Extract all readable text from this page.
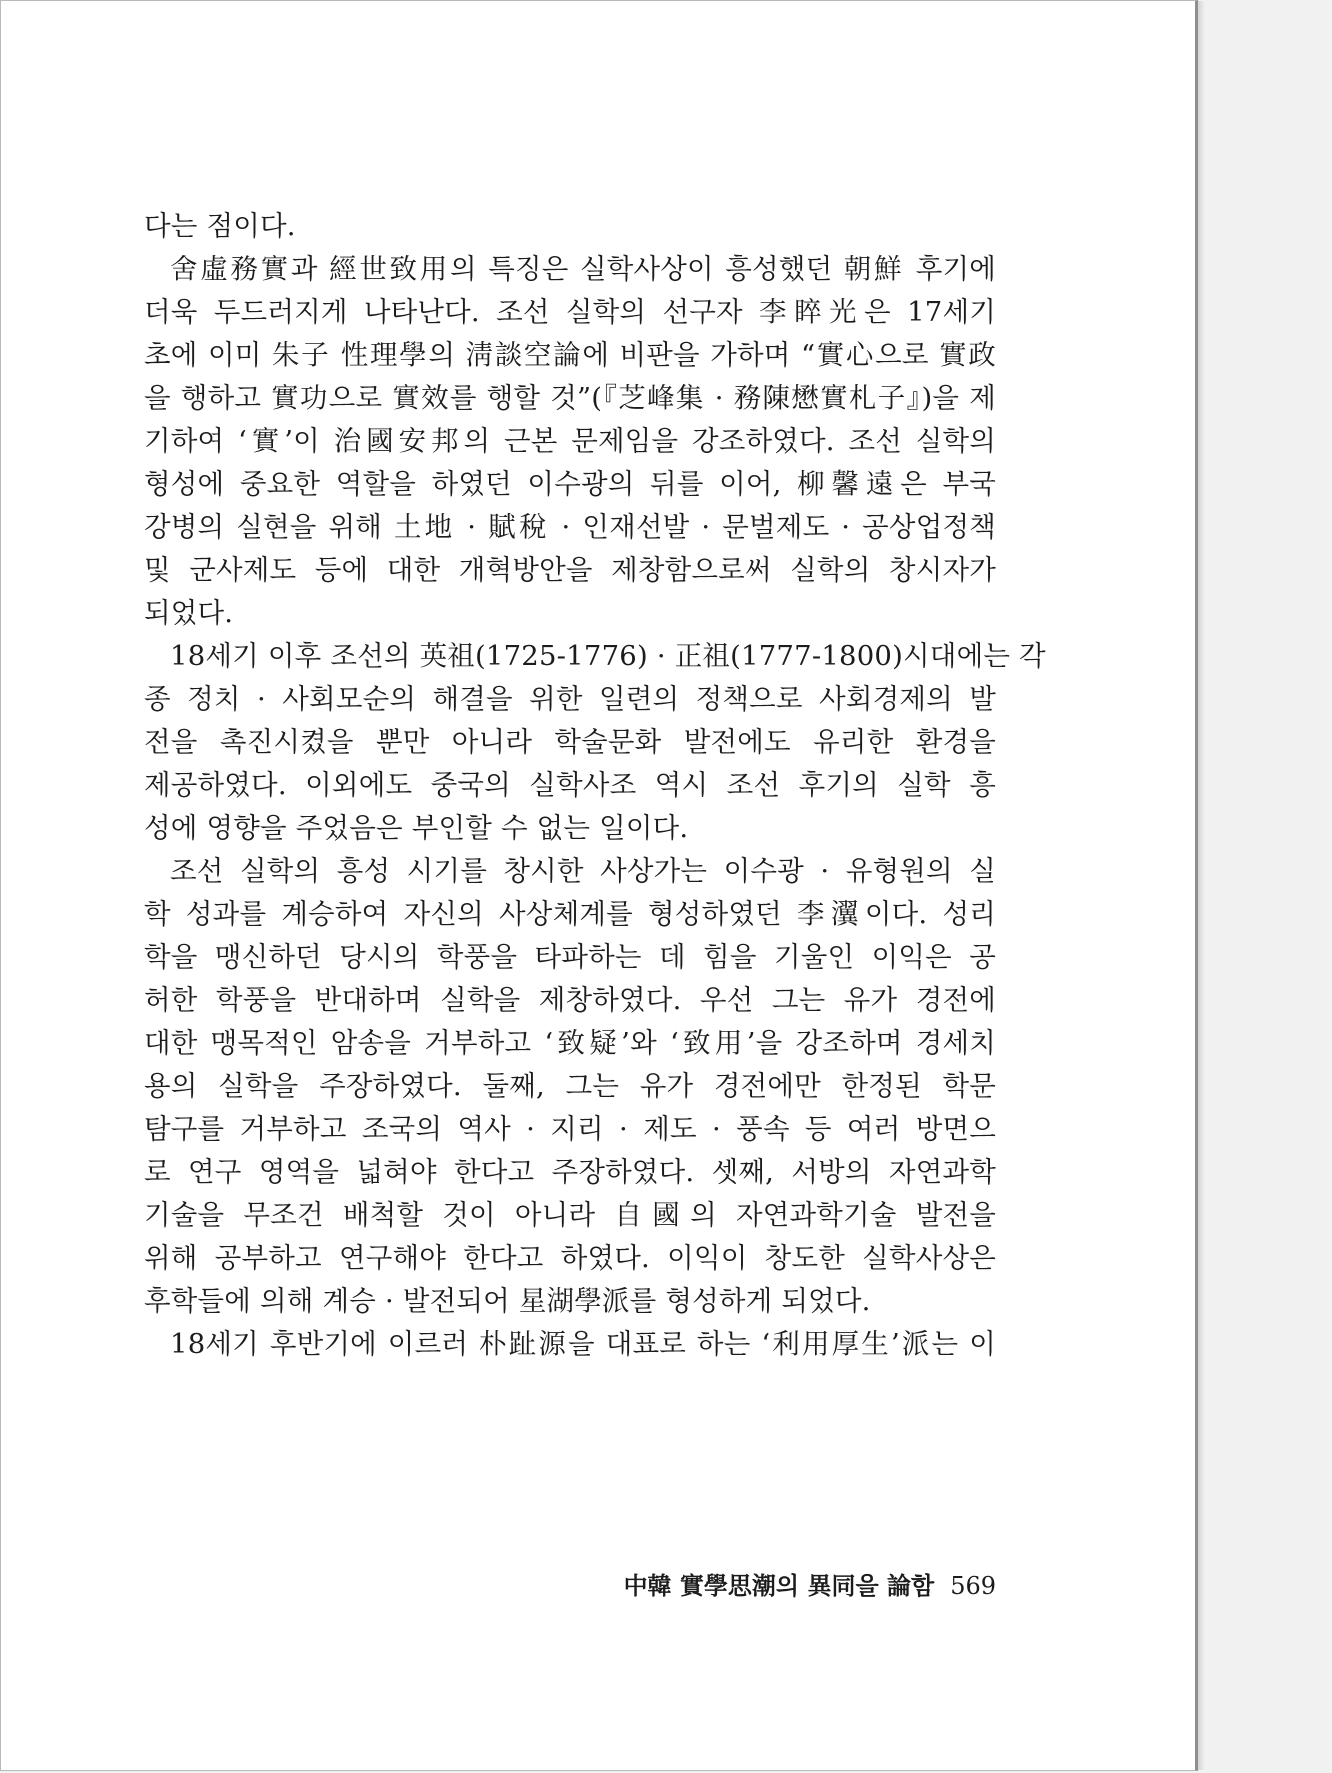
다는 점이다.
舍虛務實과 經世致用의 특징은 실학사상이 흥성했던 朝鮮 후기에
더욱 두드러지게 나타난다. 조선 실학의 선구자 李睟光은 17세기
초에 이미 朱子 性理學의 淸談空論에 비판을 가하며 “實心으로 實政
을 행하고 實功으로 實效를 행할 것”(『芝峰集 · 務陳懋實札子』)을 제
기하여 ‘實’이 治國安邦의 근본 문제임을 강조하였다. 조선 실학의
형성에 중요한 역할을 하였던 이수광의 뒤를 이어, 柳馨遠은 부국
강병의 실현을 위해 土地 · 賦稅 · 인재선발 · 문벌제도 · 공상업정책
및 군사제도 등에 대한 개혁방안을 제창함으로써 실학의 창시자가
되었다.
18세기 이후 조선의 英祖(1725-1776) · 正祖(1777-1800)시대에는 각
종 정치 · 사회모순의 해결을 위한 일련의 정책으로 사회경제의 발
전을 촉진시켰을 뿐만 아니라 학술문화 발전에도 유리한 환경을
제공하였다. 이외에도 중국의 실학사조 역시 조선 후기의 실학 흥
성에 영향을 주었음은 부인할 수 없는 일이다.
조선 실학의 흥성 시기를 창시한 사상가는 이수광 · 유형원의 실
학 성과를 계승하여 자신의 사상체계를 형성하였던 李瀷이다. 성리
학을 맹신하던 당시의 학풍을 타파하는 데 힘을 기울인 이익은 공
허한 학풍을 반대하며 실학을 제창하였다. 우선 그는 유가 경전에
대한 맹목적인 암송을 거부하고 ‘致疑’와 ‘致用’을 강조하며 경세치
용의 실학을 주장하였다. 둘째, 그는 유가 경전에만 한정된 학문
탐구를 거부하고 조국의 역사 · 지리 · 제도 · 풍속 등 여러 방면으
로 연구 영역을 넓혀야 한다고 주장하였다. 셋째, 서방의 자연과학
기술을 무조건 배척할 것이 아니라 自國의 자연과학기술 발전을
위해 공부하고 연구해야 한다고 하였다. 이익이 창도한 실학사상은
후학들에 의해 계승 · 발전되어 星湖學派를 형성하게 되었다.
18세기 후반기에 이르러 朴趾源을 대표로 하는 ‘利用厚生’派는 이
中韓 實學思潮의 異同을 論함 569
